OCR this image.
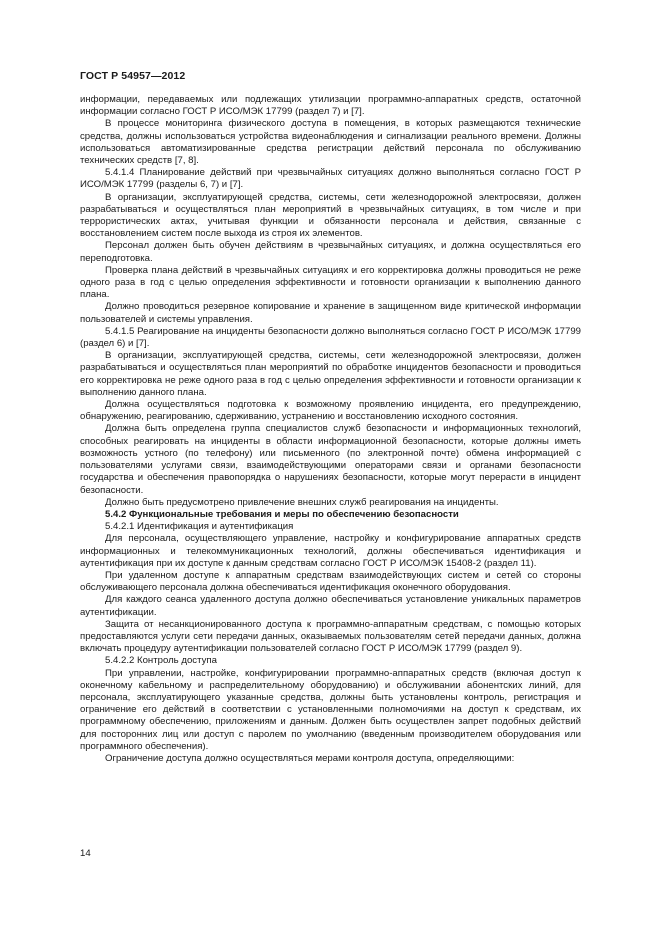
ГОСТ Р 54957—2012

информации, передаваемых или подлежащих утилизации программно-аппаратных средств, остаточной информации согласно ГОСТ Р ИСО/МЭК 17799 (раздел 7) и [7].

В процессе мониторинга физического доступа в помещения, в которых размещаются технические средства, должны использоваться устройства видеонаблюдения и сигнализации реального времени. Должны использоваться автоматизированные средства регистрации действий персонала по обслуживанию технических средств [7, 8].

5.4.1.4 Планирование действий при чрезвычайных ситуациях должно выполняться согласно ГОСТ Р ИСО/МЭК 17799 (разделы 6, 7) и [7].

В организации, эксплуатирующей средства, системы, сети железнодорожной электросвязи, должен разрабатываться и осуществляться план мероприятий в чрезвычайных ситуациях, в том числе и при террористических актах, учитывая функции и обязанности персонала и действия, связанные с восстановлением систем после выхода из строя их элементов.

Персонал должен быть обучен действиям в чрезвычайных ситуациях, и должна осуществляться его переподготовка.

Проверка плана действий в чрезвычайных ситуациях и его корректировка должны проводиться не реже одного раза в год с целью определения эффективности и готовности организации к выполнению данного плана.

Должно проводиться резервное копирование и хранение в защищенном виде критической информации пользователей и системы управления.

5.4.1.5 Реагирование на инциденты безопасности должно выполняться согласно ГОСТ Р ИСО/МЭК 17799 (раздел 6) и [7].

В организации, эксплуатирующей средства, системы, сети железнодорожной электросвязи, должен разрабатываться и осуществляться план мероприятий по обработке инцидентов безопасности и проводиться его корректировка не реже одного раза в год с целью определения эффективности и готовности организации к выполнению данного плана.

Должна осуществляться подготовка к возможному проявлению инцидента, его предупреждению, обнаружению, реагированию, сдерживанию, устранению и восстановлению исходного состояния.

Должна быть определена группа специалистов служб безопасности и информационных технологий, способных реагировать на инциденты в области информационной безопасности, которые должны иметь возможность устного (по телефону) или письменного (по электронной почте) обмена информацией с пользователями услугами связи, взаимодействующими операторами связи и органами безопасности государства и обеспечения правопорядка о нарушениях безопасности, которые могут перерасти в инцидент безопасности.

Должно быть предусмотрено привлечение внешних служб реагирования на инциденты.

5.4.2 Функциональные требования и меры по обеспечению безопасности

5.4.2.1 Идентификация и аутентификация

Для персонала, осуществляющего управление, настройку и конфигурирование аппаратных средств информационных и телекоммуникационных технологий, должны обеспечиваться идентификация и аутентификация при их доступе к данным средствам согласно ГОСТ Р ИСО/МЭК 15408-2 (раздел 11).

При удаленном доступе к аппаратным средствам взаимодействующих систем и сетей со стороны обслуживающего персонала должна обеспечиваться идентификация оконечного оборудования.

Для каждого сеанса удаленного доступа должно обеспечиваться установление уникальных параметров аутентификации.

Защита от несанкционированного доступа к программно-аппаратным средствам, с помощью которых предоставляются услуги сети передачи данных, оказываемых пользователям сетей передачи данных, должна включать процедуру аутентификации пользователей согласно ГОСТ Р ИСО/МЭК 17799 (раздел 9).

5.4.2.2 Контроль доступа

При управлении, настройке, конфигурировании программно-аппаратных средств (включая доступ к оконечному кабельному и распределительному оборудованию) и обслуживании абонентских линий, для персонала, эксплуатирующего указанные средства, должны быть установлены контроль, регистрация и ограничение его действий в соответствии с установленными полномочиями на доступ к средствам, их программному обеспечению, приложениям и данным. Должен быть осуществлен запрет подобных действий для посторонних лиц или доступ с паролем по умолчанию (введенным производителем оборудования или программного обеспечения).

Ограничение доступа должно осуществляться мерами контроля доступа, определяющими:

14
